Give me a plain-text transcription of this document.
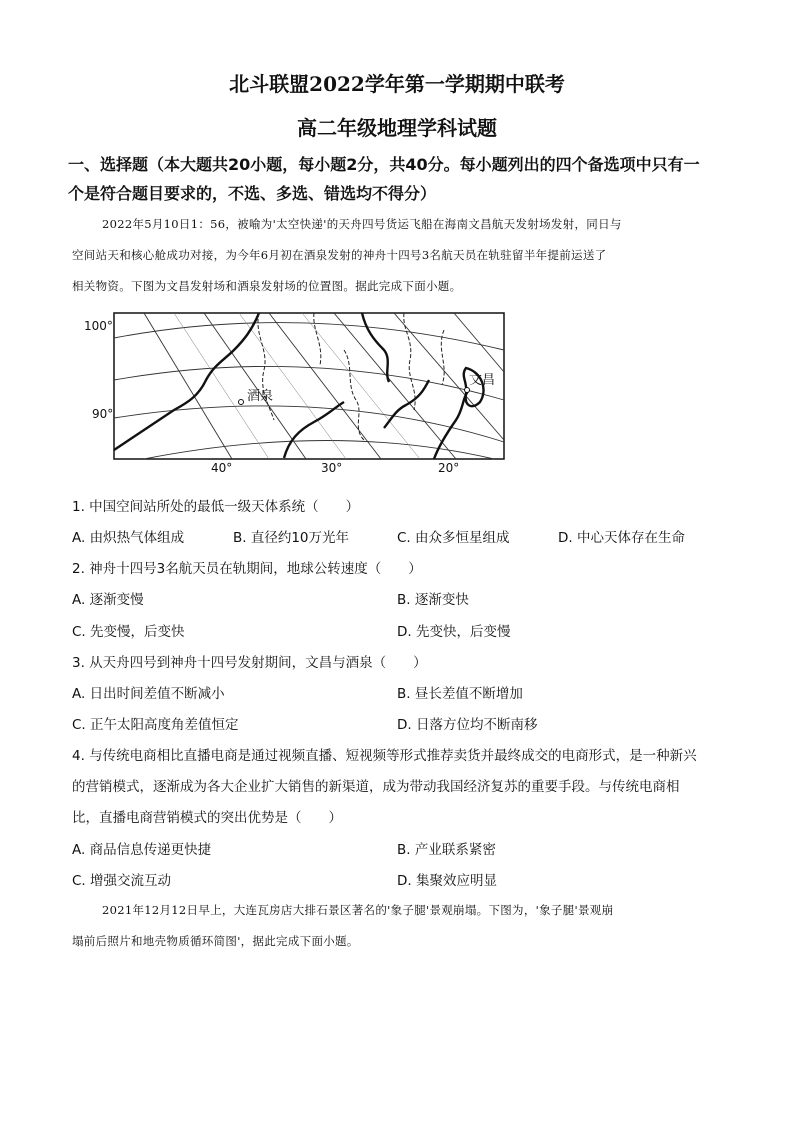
北斗联盟2022学年第一学期期中联考
高二年级地理学科试题
一、选择题（本大题共20小题，每小题2分，共40分。每小题列出的四个备选项中只有一
个是符合题目要求的，不选、多选、错选均不得分）
2022年5月10日1：56，被喻为'太空快递'的天舟四号货运飞船在海南文昌航天发射场发射，同日与
空间站天和核心舱成功对接，为今年6月初在酒泉发射的神舟十四号3名航天员在轨驻留半年提前运送了
相关物资。下图为文昌发射场和酒泉发射场的位置图。据此完成下面小题。
酒泉
文昌
100°
90°
40°	30°	20°
1. 中国空间站所处的最低一级天体系统（　　）
A. 由炽热气体组成	B. 直径约10万光年	C. 由众多恒星组成	D. 中心天体存在生命
2. 神舟十四号3名航天员在轨期间，地球公转速度（　　）
A. 逐渐变慢	B. 逐渐变快
C. 先变慢，后变快	D. 先变快，后变慢
3. 从天舟四号到神舟十四号发射期间，文昌与酒泉（　　）
A. 日出时间差值不断减小	B. 昼长差值不断增加
C. 正午太阳高度角差值恒定	D. 日落方位均不断南移
4. 与传统电商相比直播电商是通过视频直播、短视频等形式推荐卖货并最终成交的电商形式，是一种新兴
的营销模式，逐渐成为各大企业扩大销售的新渠道，成为带动我国经济复苏的重要手段。与传统电商相
比，直播电商营销模式的突出优势是（　　）
A. 商品信息传递更快捷	B. 产业联系紧密
C. 增强交流互动	D. 集聚效应明显
2021年12月12日早上，大连瓦房店大排石景区著名的'象子腿'景观崩塌。下图为，'象子腿'景观崩
塌前后照片和地壳物质循环简图'，据此完成下面小题。
